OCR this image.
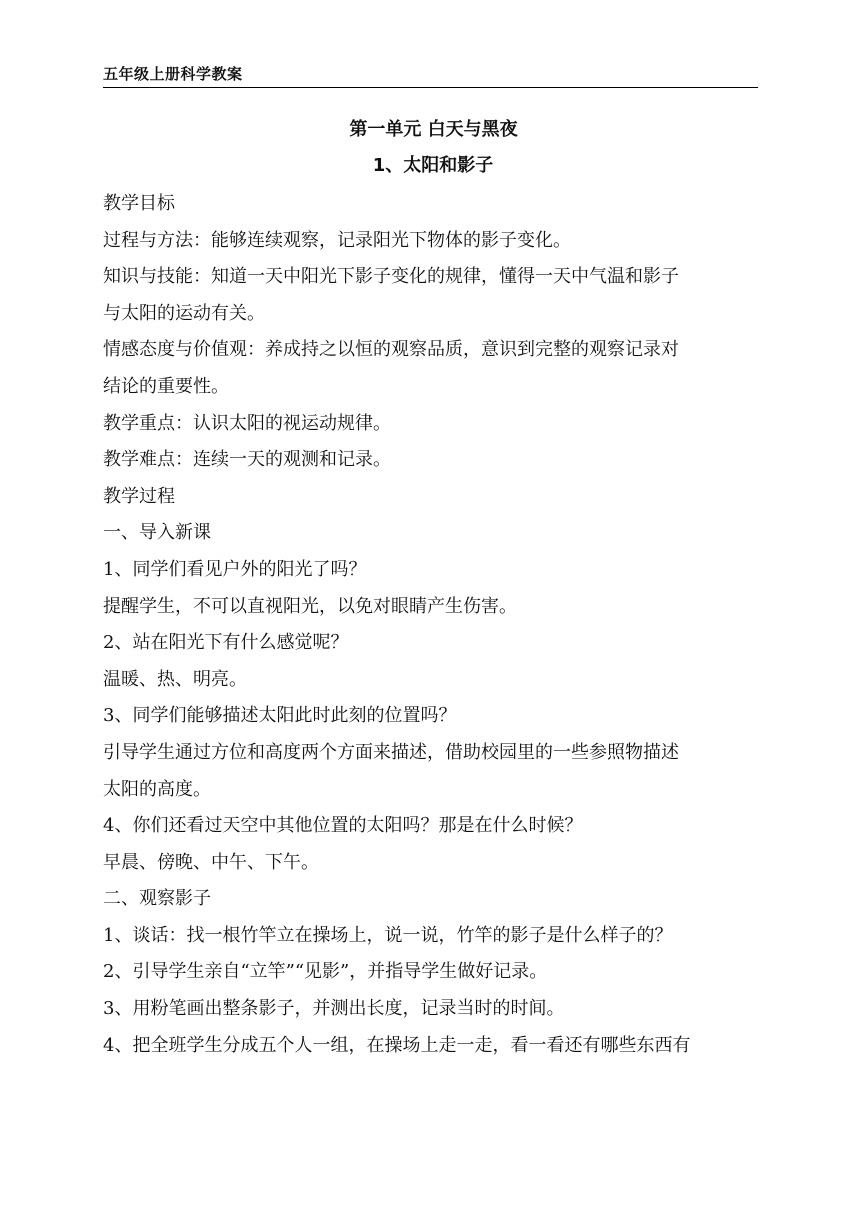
五年级上册科学教案
第一单元 白天与黑夜
1、太阳和影子
教学目标
过程与方法：能够连续观察，记录阳光下物体的影子变化。
知识与技能：知道一天中阳光下影子变化的规律，懂得一天中气温和影子
与太阳的运动有关。
情感态度与价值观：养成持之以恒的观察品质，意识到完整的观察记录对
结论的重要性。
教学重点：认识太阳的视运动规律。
教学难点：连续一天的观测和记录。
教学过程
一、导入新课
1、同学们看见户外的阳光了吗？
提醒学生，不可以直视阳光，以免对眼睛产生伤害。
2、站在阳光下有什么感觉呢？
温暖、热、明亮。
3、同学们能够描述太阳此时此刻的位置吗？
引导学生通过方位和高度两个方面来描述，借助校园里的一些参照物描述
太阳的高度。
4、你们还看过天空中其他位置的太阳吗？那是在什么时候？
早晨、傍晚、中午、下午。
二、观察影子
1、谈话：找一根竹竿立在操场上，说一说，竹竿的影子是什么样子的？
2、引导学生亲自“立竿”“见影”，并指导学生做好记录。
3、用粉笔画出整条影子，并测出长度，记录当时的时间。
4、把全班学生分成五个人一组，在操场上走一走，看一看还有哪些东西有
